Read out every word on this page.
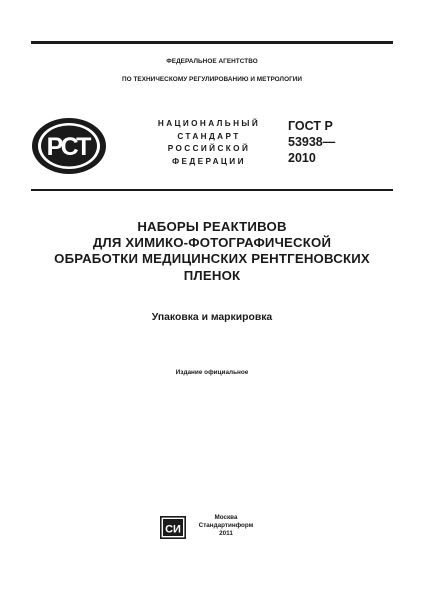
ФЕДЕРАЛЬНОЕ АГЕНТСТВО
ПО ТЕХНИЧЕСКОМУ РЕГУЛИРОВАНИЮ И МЕТРОЛОГИИ
РСТ
НАЦИОНАЛЬНЫЙ
СТАНДАРТ
РОССИЙСКОЙ
ФЕДЕРАЦИИ
ГОСТ Р
53938—
2010
НАБОРЫ РЕАКТИВОВ
ДЛЯ ХИМИКО-ФОТОГРАФИЧЕСКОЙ
ОБРАБОТКИ МЕДИЦИНСКИХ РЕНТГЕНОВСКИХ
ПЛЕНОК
Упаковка и маркировка
Издание официальное
СИ
Москва
Стандартинформ
2011
